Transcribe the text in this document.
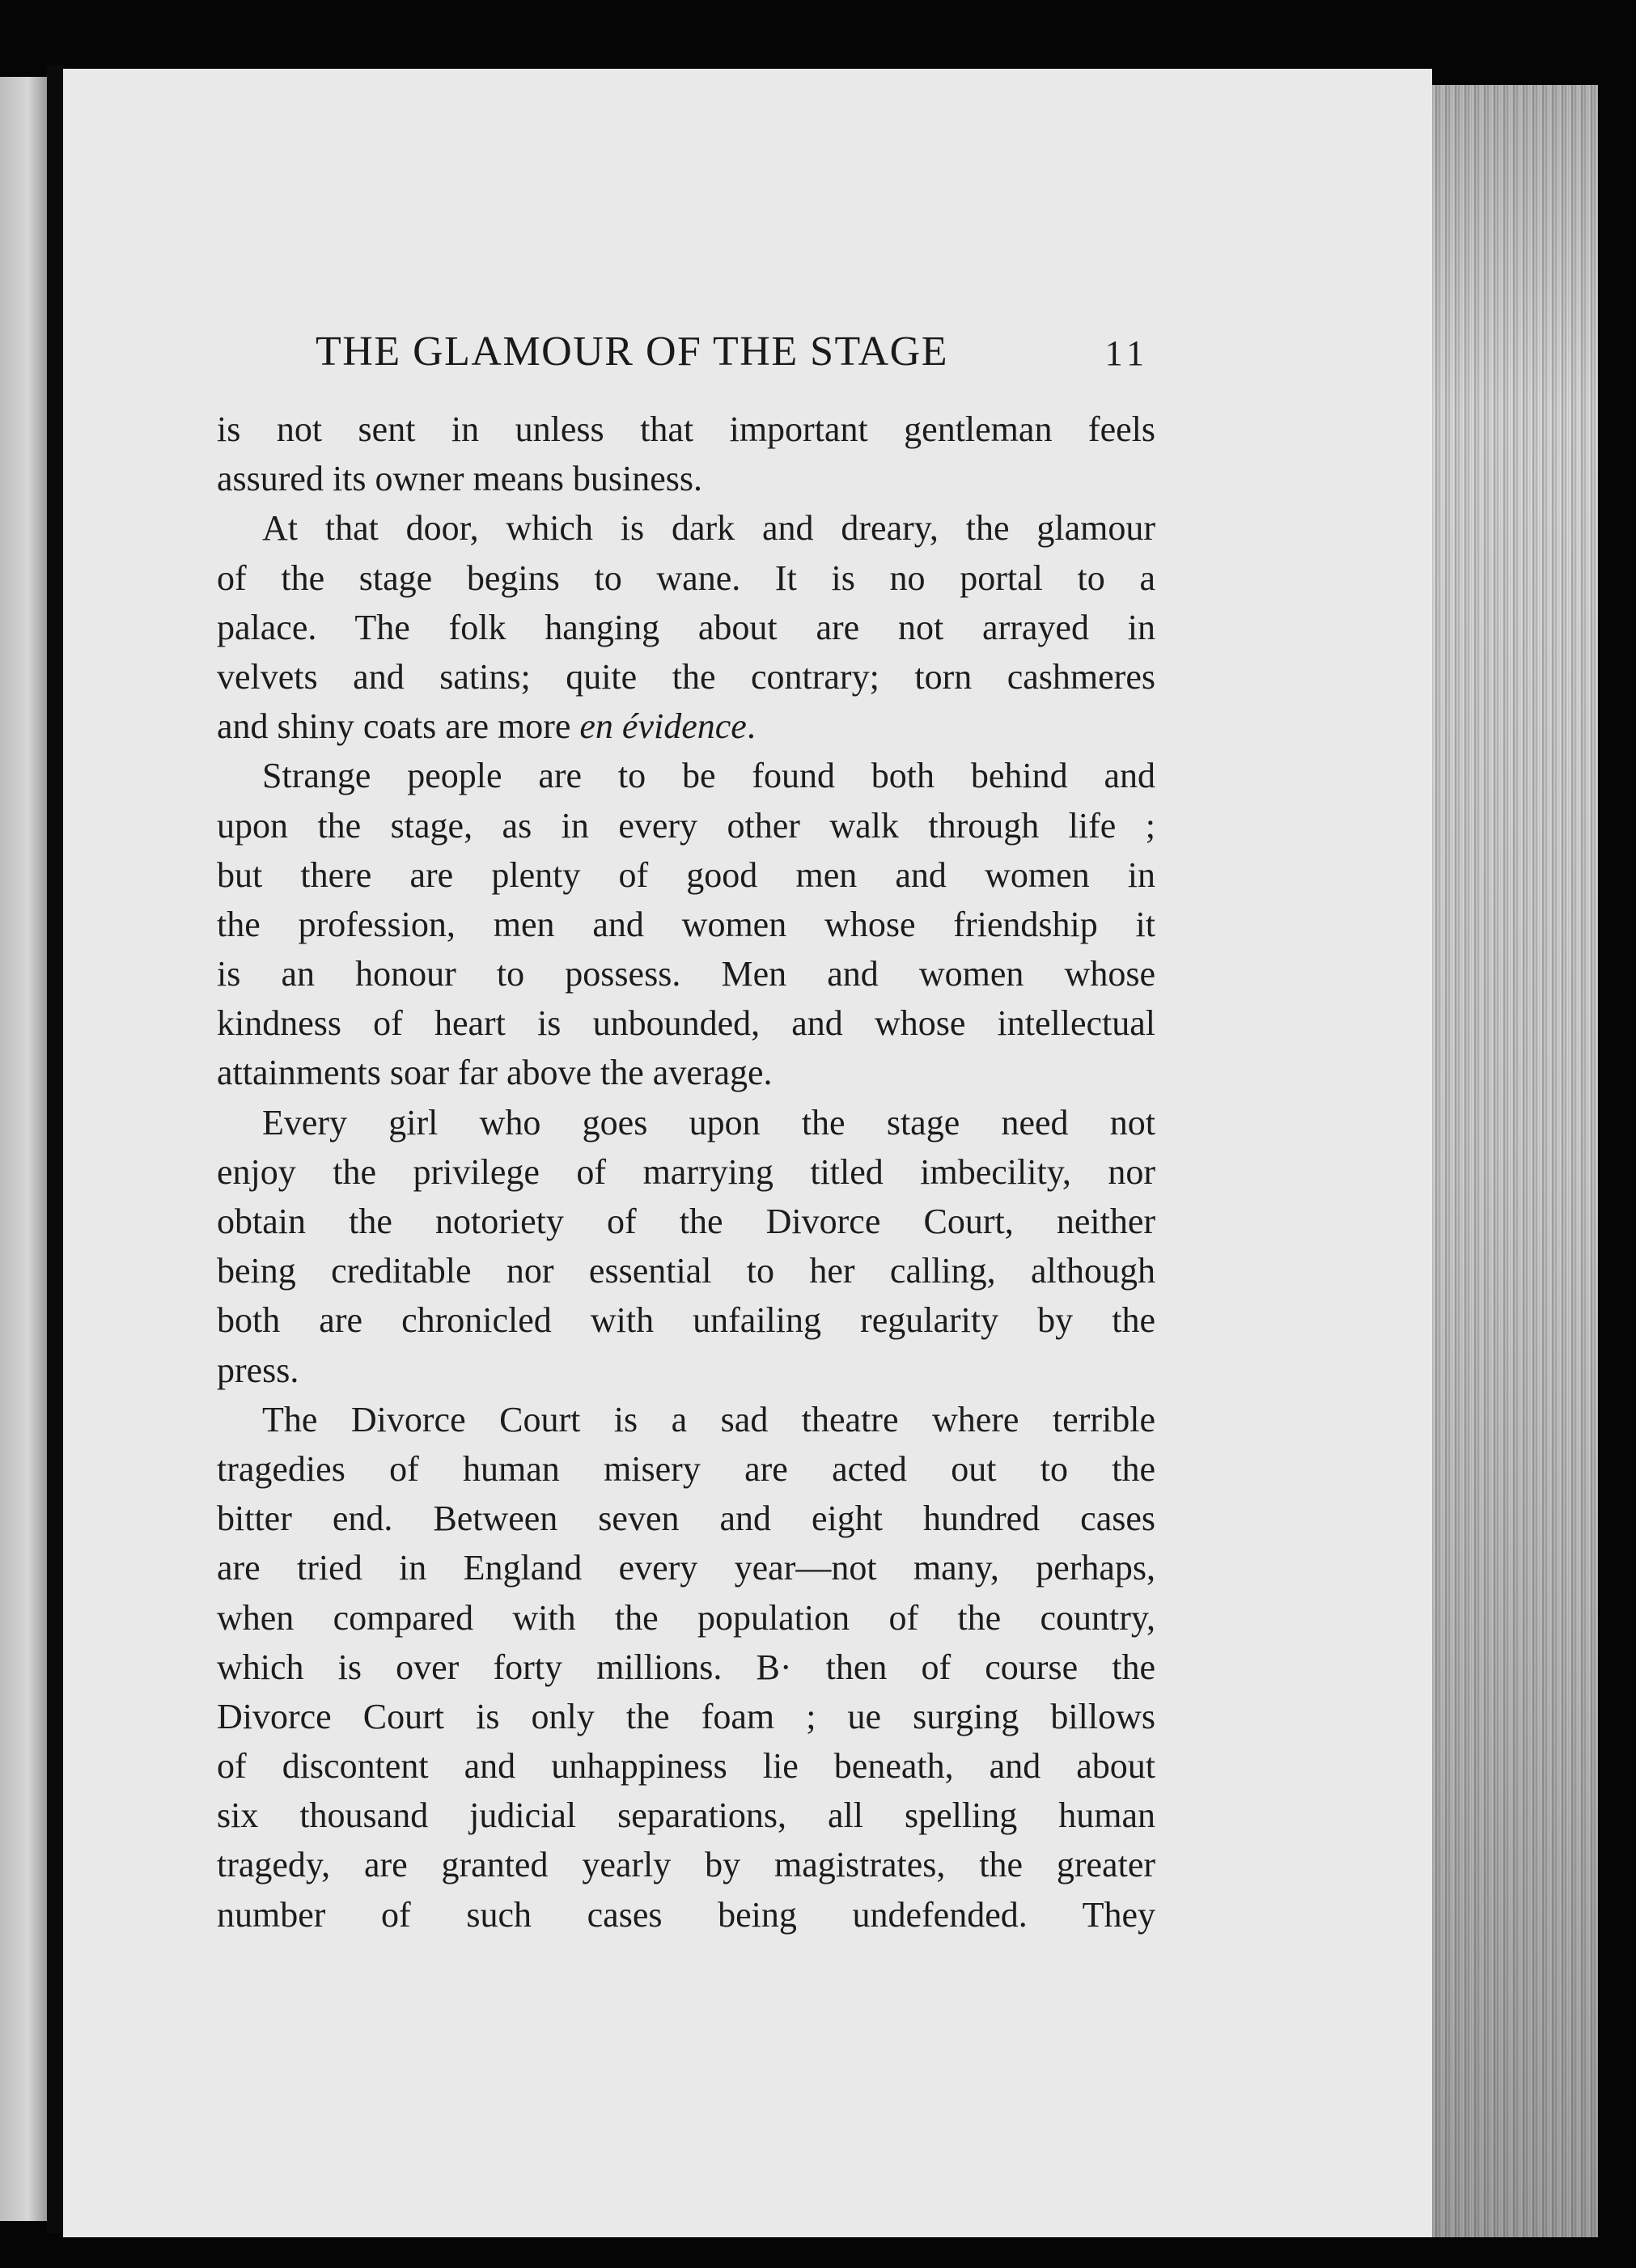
THE GLAMOUR OF THE STAGE	11
is not sent in unless that important gentleman feels
assured its owner means business.
At that door, which is dark and dreary, the glamour
of the stage begins to wane. It is no portal to a
palace. The folk hanging about are not arrayed in
velvets and satins; quite the contrary; torn cashmeres
and shiny coats are more en évidence.
Strange people are to be found both behind and
upon the stage, as in every other walk through life ;
but there are plenty of good men and women in
the profession, men and women whose friendship it
is an honour to possess. Men and women whose
kindness of heart is unbounded, and whose intellectual
attainments soar far above the average.
Every girl who goes upon the stage need not
enjoy the privilege of marrying titled imbecility, nor
obtain the notoriety of the Divorce Court, neither
being creditable nor essential to her calling, although
both are chronicled with unfailing regularity by the
press.
The Divorce Court is a sad theatre where terrible
tragedies of human misery are acted out to the
bitter end. Between seven and eight hundred cases
are tried in England every year—not many, perhaps,
when compared with the population of the country,
which is over forty millions. B· then of course the
Divorce Court is only the foam ; ue surging billows
of discontent and unhappiness lie beneath, and about
six thousand judicial separations, all spelling human
tragedy, are granted yearly by magistrates, the greater
number of such cases being undefended. They
